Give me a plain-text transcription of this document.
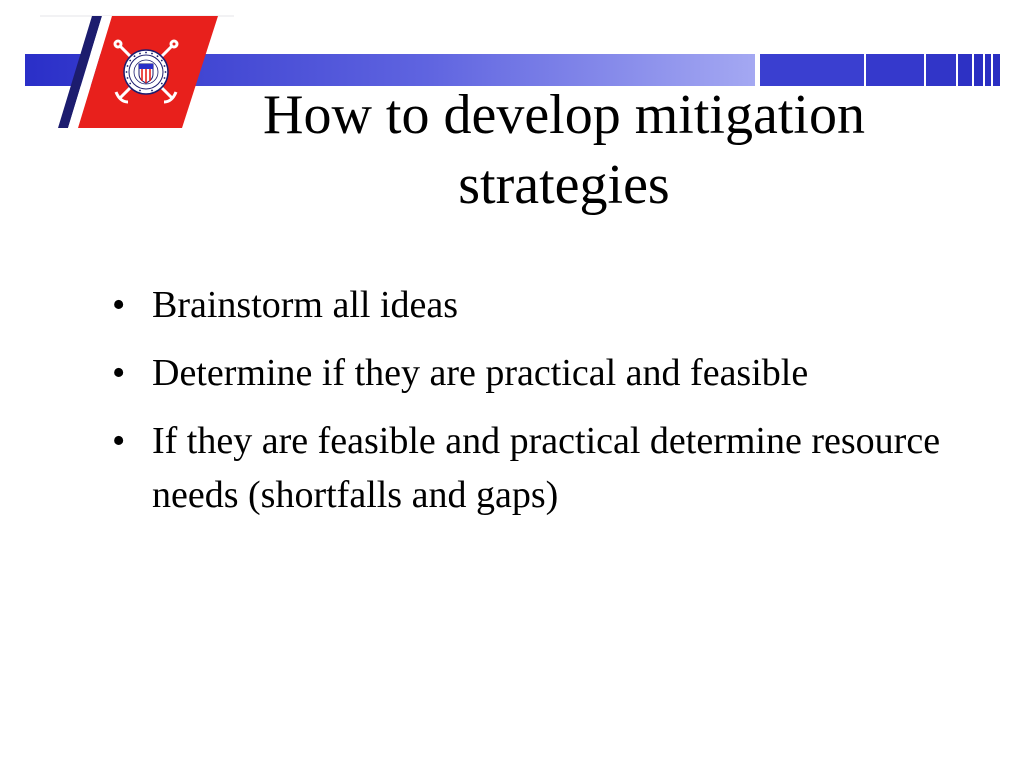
How to develop mitigation strategies
• Brainstorm all ideas
• Determine if they are practical and feasible
• If they are feasible and practical determine resource needs (shortfalls and gaps)
